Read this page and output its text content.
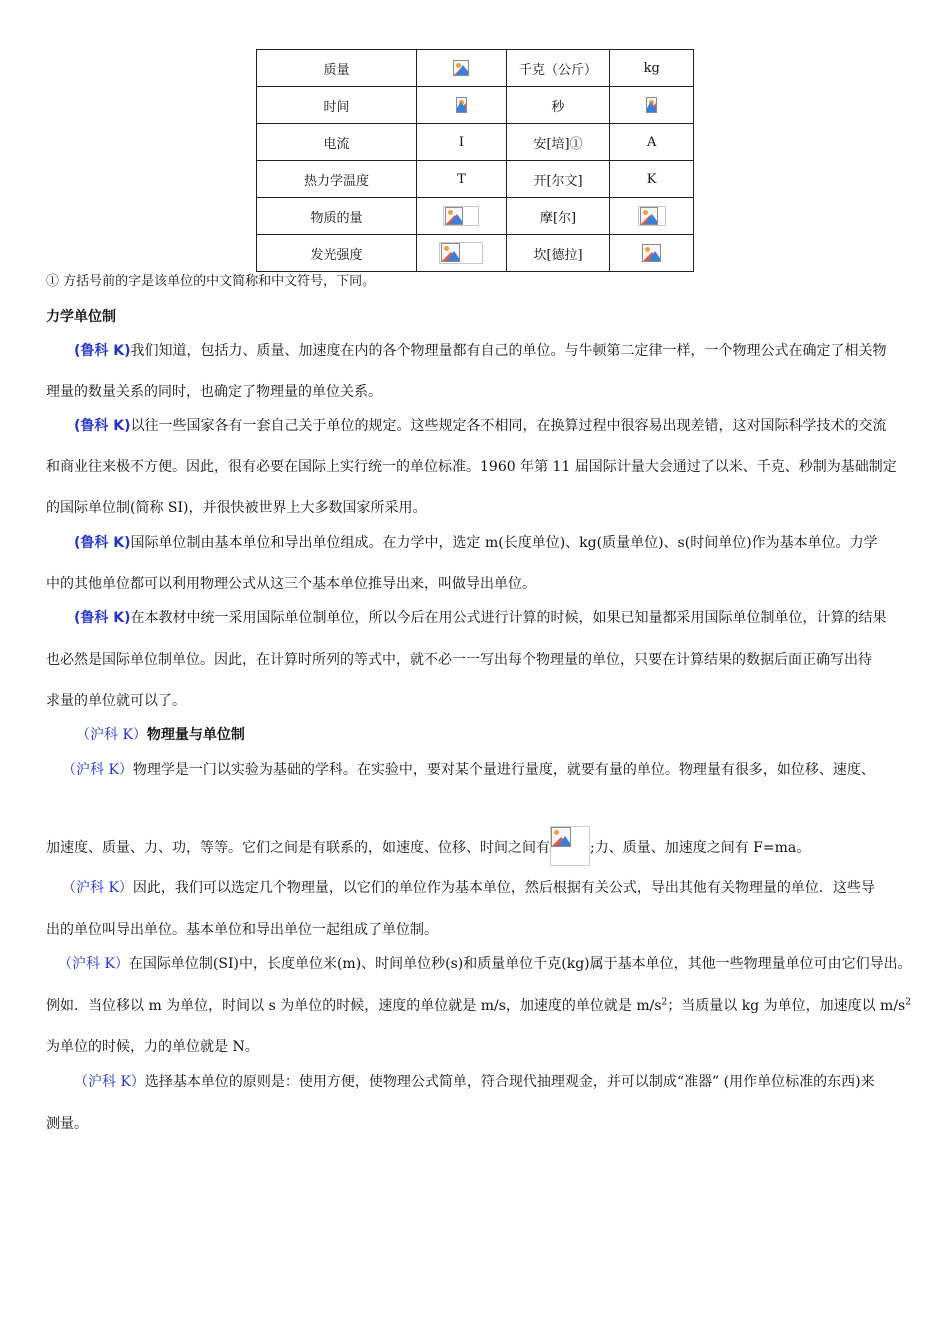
质量		千克（公斤）	kg
时间		秒	

电流	I	安[培]①	A
热力学温度	T	开[尔文]	K
物质的量		摩[尔]	

发光强度		坎[德拉]	
① 方括号前的字是该单位的中文简称和中文符号，下同。
力学单位制
(鲁科 K)我们知道，包括力、质量、加速度在内的各个物理量都有自己的单位。与牛顿第二定律一样，一个物理公式在确定了相关物
理量的数量关系的同时，也确定了物理量的单位关系。
(鲁科 K)以往一些国家各有一套自己关于单位的规定。这些规定各不相同，在换算过程中很容易出现差错，这对国际科学技术的交流
和商业往来极不方便。因此，很有必要在国际上实行统一的单位标准。1960 年第 11 届国际计量大会通过了以米、千克、秒制为基础制定
的国际单位制(简称 SI)，并很快被世界上大多数国家所采用。
(鲁科 K)国际单位制由基本单位和导出单位组成。在力学中，选定 m(长度单位)、kg(质量单位)、s(时间单位)作为基本单位。力学
中的其他单位都可以利用物理公式从这三个基本单位推导出来，叫做导出单位。
(鲁科 K)在本教材中统一采用国际单位制单位，所以今后在用公式进行计算的时候，如果已知量都采用国际单位制单位，计算的结果
也必然是国际单位制单位。因此，在计算时所列的等式中，就不必一一写出每个物理量的单位，只要在计算结果的数据后面正确写出待
求量的单位就可以了。
（沪科 K）物理量与单位制
（沪科 K）物理学是一门以实验为基础的学科。在实验中，要对某个量进行量度，就要有量的单位。物理量有很多，如位移、速度、
加速度、质量、力、功，等等。它们之间是有联系的，如速度、位移、时间之间有	;力、质量、加速度之间有 F=ma。
（沪科 K）因此，我们可以选定几个物理量，以它们的单位作为基本单位，然后根据有关公式，导出其他有关物理量的单位．这些导
出的单位叫导出单位。基本单位和导出单位一起组成了单位制。
（沪科 K）在国际单位制(SI)中，长度单位米(m)、时间单位秒(s)和质量单位千克(kg)属于基本单位，其他一些物理量单位可由它们导出。
例如．当位移以 m 为单位，时间以 s 为单位的时候，速度的单位就是 m/s，加速度的单位就是 $m/s^2$；当质量以 kg 为单位，加速度以 $m/s^2$
为单位的时候，力的单位就是 N。
（沪科 K）选择基本单位的原则是：使用方便，使物理公式简单，符合现代抽理观金，并可以制成“准器” (用作单位标准的东西)来
测量。
